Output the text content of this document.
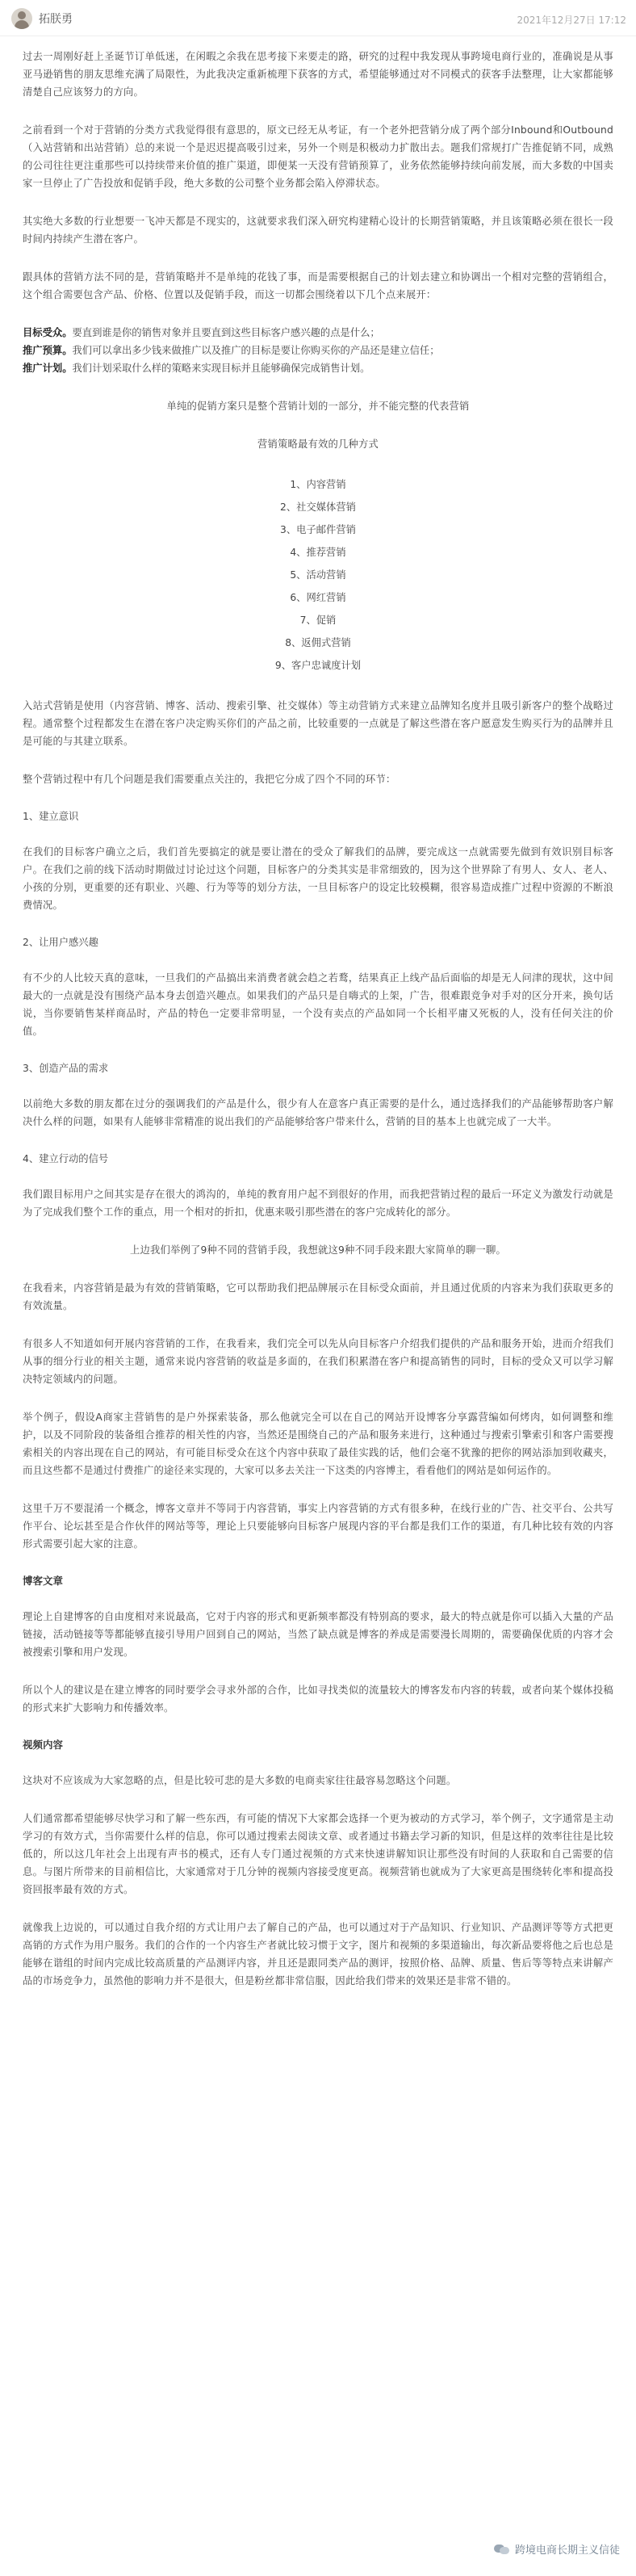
拓朕勇	2021年12月27日 17:12

过去一周刚好赶上圣诞节订单低迷，在闲暇之余我在思考接下来要走的路，研究的过程中我发现从事跨境电商行业的，准确说是从事亚马逊销售的朋友思维充满了局限性，为此我决定重新梳理下获客的方式，希望能够通过对不同模式的获客手法整理，让大家都能够清楚自己应该努力的方向。

之前看到一个对于营销的分类方式我觉得很有意思的，原文已经无从考证，有一个老外把营销分成了两个部分Inbound和Outbound（入站营销和出站营销）总的来说一个是迟迟提高吸引过来，另外一个则是积极动力扩散出去。题我们常规打广告推促销不同，成熟的公司往往更注重那些可以持续带来价值的推广渠道，即便某一天没有营销预算了，业务依然能够持续向前发展，而大多数的中国卖家一旦停止了广告投放和促销手段，绝大多数的公司整个业务都会陷入停滞状态。

其实绝大多数的行业想要一飞冲天都是不现实的，这就要求我们深入研究构建精心设计的长期营销策略，并且该策略必须在很长一段时间内持续产生潜在客户。

跟具体的营销方法不同的是，营销策略并不是单纯的花钱了事，而是需要根据自己的计划去建立和协调出一个相对完整的营销组合，这个组合需要包含产品、价格、位置以及促销手段，而这一切都会围绕着以下几个点来展开：

目标受众。要直到谁是你的销售对象并且要直到这些目标客户感兴趣的点是什么；
推广预算。我们可以拿出多少钱来做推广以及推广的目标是要让你购买你的产品还是建立信任；
推广计划。我们计划采取什么样的策略来实现目标并且能够确保完成销售计划。

单纯的促销方案只是整个营销计划的一部分，并不能完整的代表营销

营销策略最有效的几种方式

1、内容营销
2、社交媒体营销
3、电子邮件营销
4、推荐营销
5、活动营销
6、网红营销
7、促销
8、返佣式营销
9、客户忠诚度计划

入站式营销是使用（内容营销、博客、活动、搜索引擎、社交媒体）等主动营销方式来建立品牌知名度并且吸引新客户的整个战略过程。通常整个过程都发生在潜在客户决定购买你们的产品之前，比较重要的一点就是了解这些潜在客户愿意发生购买行为的品牌并且是可能的与其建立联系。

整个营销过程中有几个问题是我们需要重点关注的，我把它分成了四个不同的环节：

1、建立意识

在我们的目标客户确立之后，我们首先要搞定的就是要让潜在的受众了解我们的品牌，要完成这一点就需要先做到有效识别目标客户。在我们之前的线下活动时期做过讨论过这个问题，目标客户的分类其实是非常细致的，因为这个世界除了有男人、女人、老人、小孩的分别，更重要的还有职业、兴趣、行为等等的划分方法，一旦目标客户的设定比较模糊，很容易造成推广过程中资源的不断浪费情况。

2、让用户感兴趣

有不少的人比较天真的意味，一旦我们的产品搞出来消费者就会趋之若鹜，结果真正上线产品后面临的却是无人问津的现状，这中间最大的一点就是没有围绕产品本身去创造兴趣点。如果我们的产品只是自嗨式的上架，广告，很难跟竞争对手对的区分开来，换句话说，当你要销售某样商品时，产品的特色一定要非常明显，一个没有卖点的产品如同一个长相平庸又死板的人，没有任何关注的价值。

3、创造产品的需求

以前绝大多数的朋友都在过分的强调我们的产品是什么，很少有人在意客户真正需要的是什么，通过选择我们的产品能够帮助客户解决什么样的问题，如果有人能够非常精准的说出我们的产品能够给客户带来什么，营销的目的基本上也就完成了一大半。

4、建立行动的信号

我们跟目标用户之间其实是存在很大的鸿沟的，单纯的教育用户起不到很好的作用，而我把营销过程的最后一环定义为激发行动就是为了完成我们整个工作的重点，用一个相对的折扣，优惠来吸引那些潜在的客户完成转化的部分。

上边我们举例了9种不同的营销手段，我想就这9种不同手段来跟大家简单的聊一聊。

在我看来，内容营销是最为有效的营销策略，它可以帮助我们把品牌展示在目标受众面前，并且通过优质的内容来为我们获取更多的有效流量。

有很多人不知道如何开展内容营销的工作，在我看来，我们完全可以先从向目标客户介绍我们提供的产品和服务开始，进而介绍我们从事的细分行业的相关主题，通常来说内容营销的收益是多面的，在我们积累潜在客户和提高销售的同时，目标的受众又可以学习解决特定领域内的问题。

举个例子，假设A商家主营销售的是户外探索装备，那么他就完全可以在自己的网站开设博客分享露营编如何烤肉，如何调整和维护，以及不同阶段的装备组合推荐的相关性的内容，当然还是围绕自己的产品和服务来进行，这种通过与搜索引擎索引和客户需要搜索相关的内容出现在自己的网站，有可能目标受众在这个内容中获取了最佳实践的话，他们会毫不犹豫的把你的网站添加到收藏夹，而且这些都不是通过付费推广的途径来实现的，大家可以多去关注一下这类的内容博主，看看他们的网站是如何运作的。

这里千万不要混淆一个概念，博客文章并不等同于内容营销，事实上内容营销的方式有很多种，在线行业的广告、社交平台、公共写作平台、论坛甚至是合作伙伴的网站等等，理论上只要能够向目标客户展现内容的平台都是我们工作的渠道，有几种比较有效的内容形式需要引起大家的注意。

博客文章

理论上自建博客的自由度相对来说最高，它对于内容的形式和更新频率都没有特别高的要求，最大的特点就是你可以插入大量的产品链接，活动链接等等都能够直接引导用户回到自己的网站，当然了缺点就是博客的养成是需要漫长周期的，需要确保优质的内容才会被搜索引擎和用户发现。

所以个人的建议是在建立博客的同时要学会寻求外部的合作，比如寻找类似的流量较大的博客发布内容的转载，或者向某个媒体投稿的形式来扩大影响力和传播效率。

视频内容

这块对不应该成为大家忽略的点，但是比较可悲的是大多数的电商卖家往往最容易忽略这个问题。

人们通常都希望能够尽快学习和了解一些东西，有可能的情况下大家都会选择一个更为被动的方式学习，举个例子，文字通常是主动学习的有效方式，当你需要什么样的信息，你可以通过搜索去阅读文章、或者通过书籍去学习新的知识，但是这样的效率往往是比较低的，所以这几年社会上出现有声书的模式，还有人专门通过视频的方式来快速讲解知识让那些没有时间的人获取和自己需要的信息。与图片所带来的目前相信比，大家通常对于几分钟的视频内容接受度更高。视频营销也就成为了大家更高是围绕转化率和提高投资回报率最有效的方式。

就像我上边说的，可以通过自我介绍的方式让用户去了解自己的产品，也可以通过对于产品知识、行业知识、产品测评等等方式把更高销的方式作为用户服务。我们的合作的一个内容生产者就比较习惯于文字，图片和视频的多渠道输出，每次新品要将他之后也总是能够在谐组的时间内完成比较高质量的产品测评内容，并且还是跟同类产品的测评，按照价格、品牌、质量、售后等等特点来讲解产品的市场竞争力，虽然他的影响力并不是很大，但是粉丝都非常信服，因此给我们带来的效果还是非常不错的。

跨境电商长期主义信徒
